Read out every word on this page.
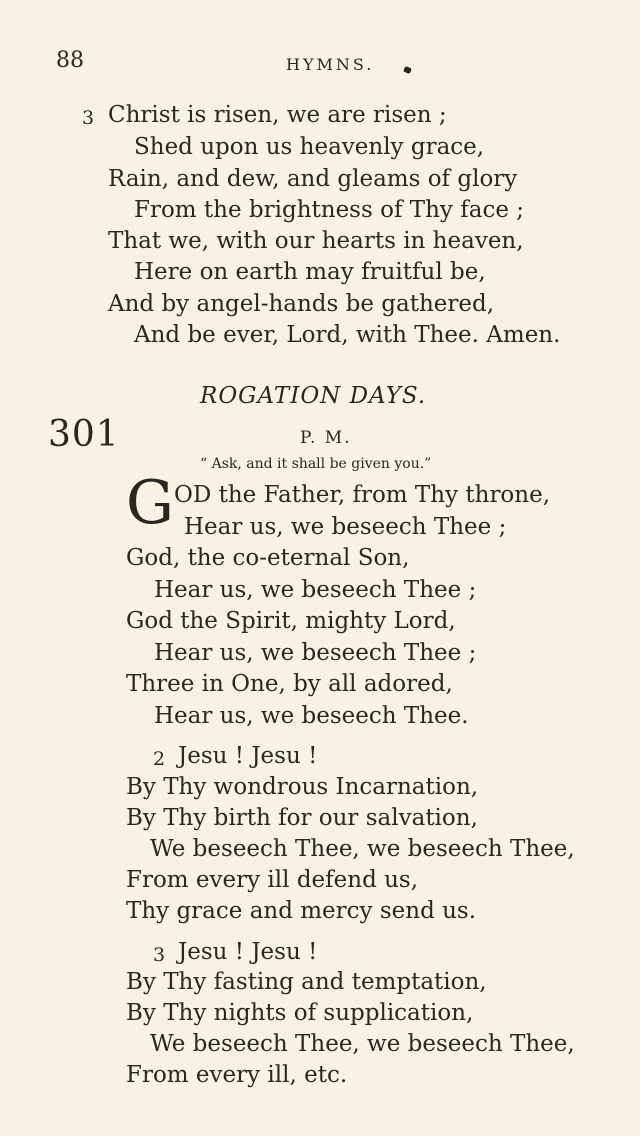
88	HYMNS.
3 Christ is risen, we are risen ;
Shed upon us heavenly grace,
Rain, and dew, and gleams of glory
From the brightness of Thy face ;
That we, with our hearts in heaven,
Here on earth may fruitful be,
And by angel-hands be gathered,
And be ever, Lord, with Thee. Amen.
ROGATION DAYS.
301	P. M.
“ Ask, and it shall be given you.”
G OD the Father, from Thy throne,
Hear us, we beseech Thee ;
God, the co-eternal Son,
Hear us, we beseech Thee ;
God the Spirit, mighty Lord,
Hear us, we beseech Thee ;
Three in One, by all adored,
Hear us, we beseech Thee.
2 Jesu ! Jesu !
By Thy wondrous Incarnation,
By Thy birth for our salvation,
We beseech Thee, we beseech Thee,
From every ill defend us,
Thy grace and mercy send us.
3 Jesu ! Jesu !
By Thy fasting and temptation,
By Thy nights of supplication,
We beseech Thee, we beseech Thee,
From every ill, etc.
